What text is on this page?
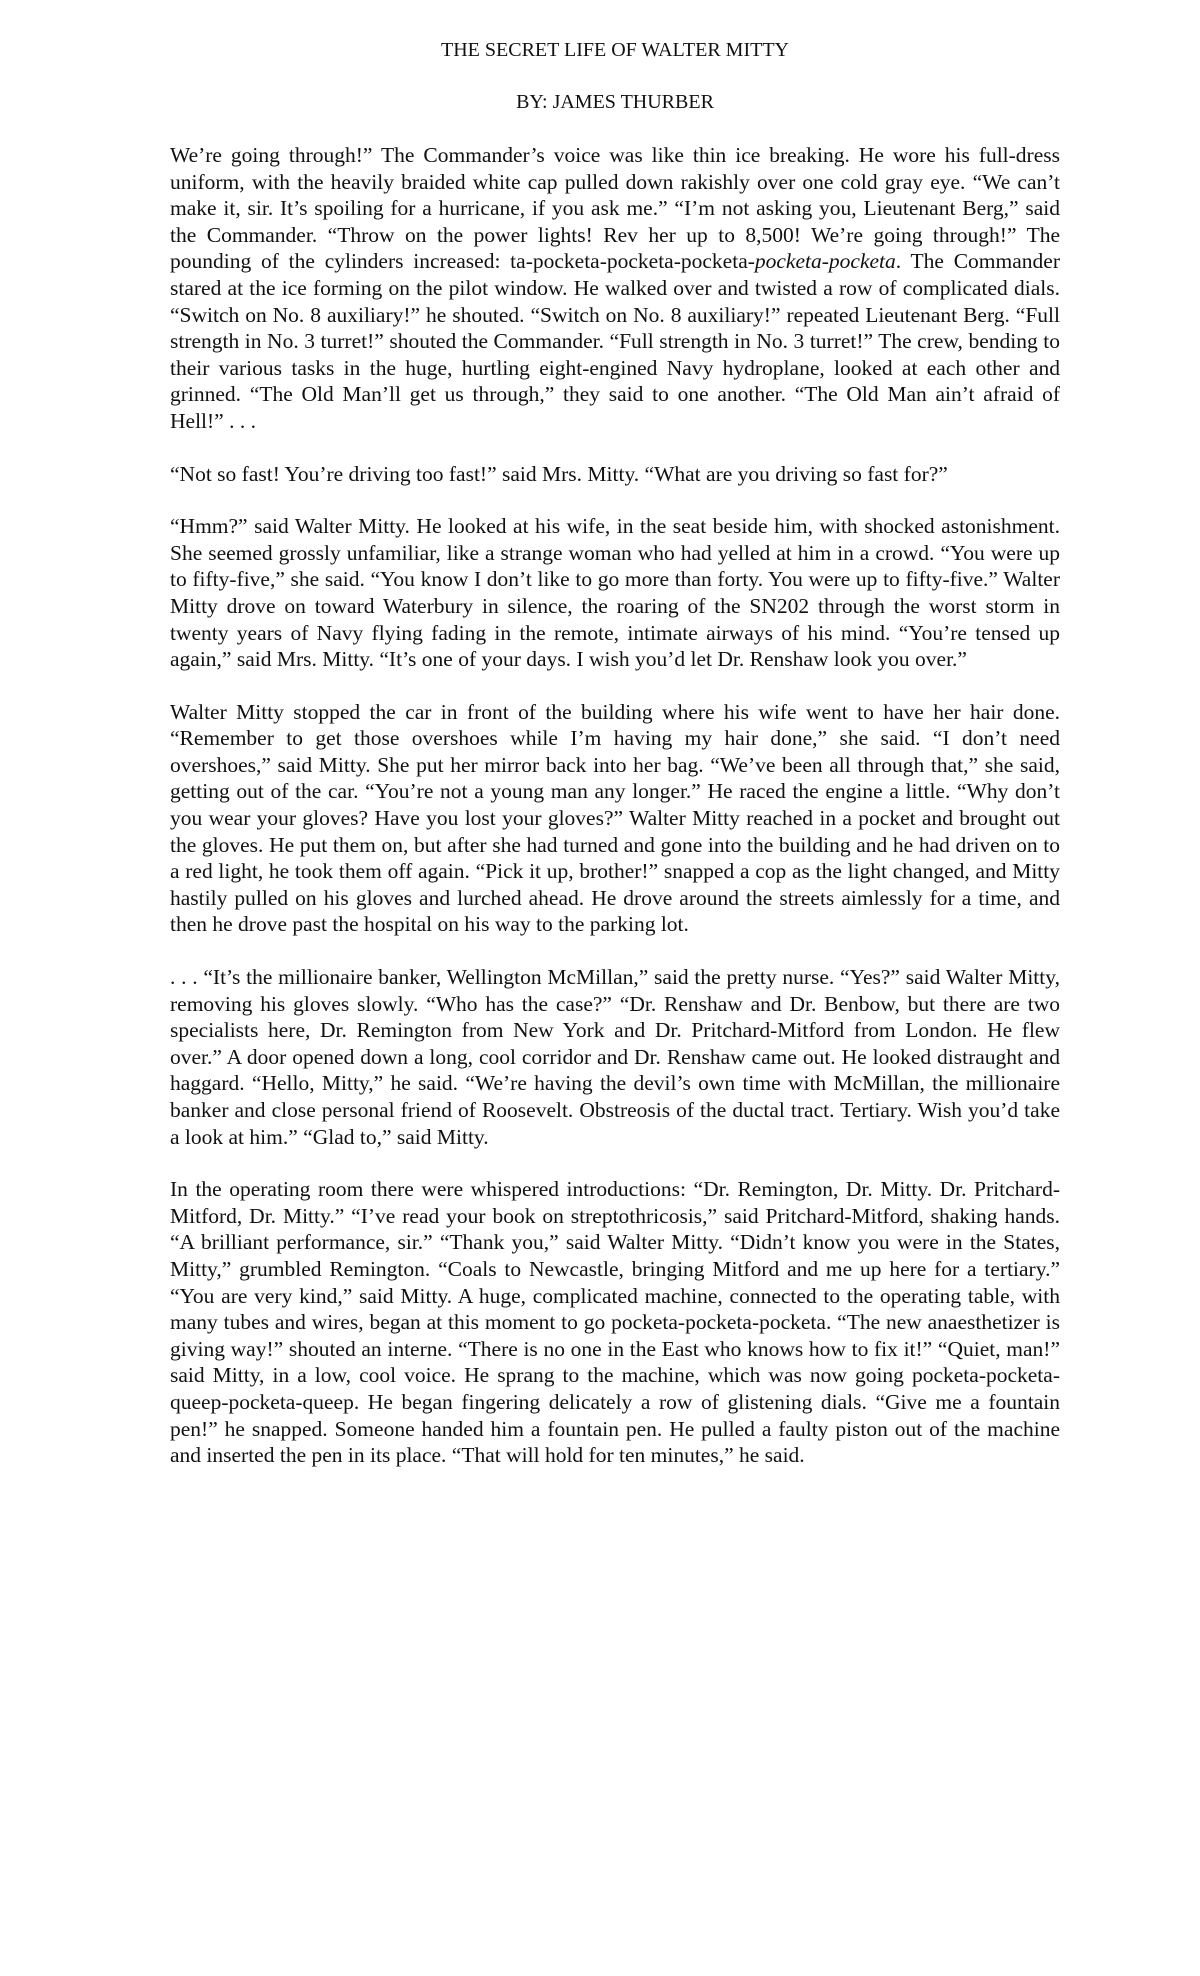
THE SECRET LIFE OF WALTER MITTY

BY: JAMES THURBER

We’re going through!” The Commander’s voice was like thin ice breaking. He wore his full-dress uniform, with the heavily braided white cap pulled down rakishly over one cold gray eye. “We can’t make it, sir. It’s spoiling for a hurricane, if you ask me.” “I’m not asking you, Lieutenant Berg,” said the Commander. “Throw on the power lights! Rev her up to 8,500! We’re going through!” The pounding of the cylinders increased: ta-pocketa-pocketa-pocketa-pocketa-pocketa. The Commander stared at the ice forming on the pilot window. He walked over and twisted a row of complicated dials. “Switch on No. 8 auxiliary!” he shouted. “Switch on No. 8 auxiliary!” repeated Lieutenant Berg. “Full strength in No. 3 turret!” shouted the Commander. “Full strength in No. 3 turret!” The crew, bending to their various tasks in the huge, hurtling eight-engined Navy hydroplane, looked at each other and grinned. “The Old Man’ll get us through,” they said to one another. “The Old Man ain’t afraid of Hell!” . . .

“Not so fast! You’re driving too fast!” said Mrs. Mitty. “What are you driving so fast for?”

“Hmm?” said Walter Mitty. He looked at his wife, in the seat beside him, with shocked astonishment. She seemed grossly unfamiliar, like a strange woman who had yelled at him in a crowd. “You were up to fifty-five,” she said. “You know I don’t like to go more than forty. You were up to fifty-five.” Walter Mitty drove on toward Waterbury in silence, the roaring of the SN202 through the worst storm in twenty years of Navy flying fading in the remote, intimate airways of his mind. “You’re tensed up again,” said Mrs. Mitty. “It’s one of your days. I wish you’d let Dr. Renshaw look you over.”

Walter Mitty stopped the car in front of the building where his wife went to have her hair done. “Remember to get those overshoes while I’m having my hair done,” she said. “I don’t need overshoes,” said Mitty. She put her mirror back into her bag. “We’ve been all through that,” she said, getting out of the car. “You’re not a young man any longer.” He raced the engine a little. “Why don’t you wear your gloves? Have you lost your gloves?” Walter Mitty reached in a pocket and brought out the gloves. He put them on, but after she had turned and gone into the building and he had driven on to a red light, he took them off again. “Pick it up, brother!” snapped a cop as the light changed, and Mitty hastily pulled on his gloves and lurched ahead. He drove around the streets aimlessly for a time, and then he drove past the hospital on his way to the parking lot.

. . . “It’s the millionaire banker, Wellington McMillan,” said the pretty nurse. “Yes?” said Walter Mitty, removing his gloves slowly. “Who has the case?” “Dr. Renshaw and Dr. Benbow, but there are two specialists here, Dr. Remington from New York and Dr. Pritchard-Mitford from London. He flew over.” A door opened down a long, cool corridor and Dr. Renshaw came out. He looked distraught and haggard. “Hello, Mitty,” he said. “We’re having the devil’s own time with McMillan, the millionaire banker and close personal friend of Roosevelt. Obstreosis of the ductal tract. Tertiary. Wish you’d take a look at him.” “Glad to,” said Mitty.

In the operating room there were whispered introductions: “Dr. Remington, Dr. Mitty. Dr. Pritchard-Mitford, Dr. Mitty.” “I’ve read your book on streptothricosis,” said Pritchard-Mitford, shaking hands. “A brilliant performance, sir.” “Thank you,” said Walter Mitty. “Didn’t know you were in the States, Mitty,” grumbled Remington. “Coals to Newcastle, bringing Mitford and me up here for a tertiary.” “You are very kind,” said Mitty. A huge, complicated machine, connected to the operating table, with many tubes and wires, began at this moment to go pocketa-pocketa-pocketa. “The new anaesthetizer is giving way!” shouted an interne. “There is no one in the East who knows how to fix it!” “Quiet, man!” said Mitty, in a low, cool voice. He sprang to the machine, which was now going pocketa-pocketa-queep-pocketa-queep. He began fingering delicately a row of glistening dials. “Give me a fountain pen!” he snapped. Someone handed him a fountain pen. He pulled a faulty piston out of the machine and inserted the pen in its place. “That will hold for ten minutes,” he said.
